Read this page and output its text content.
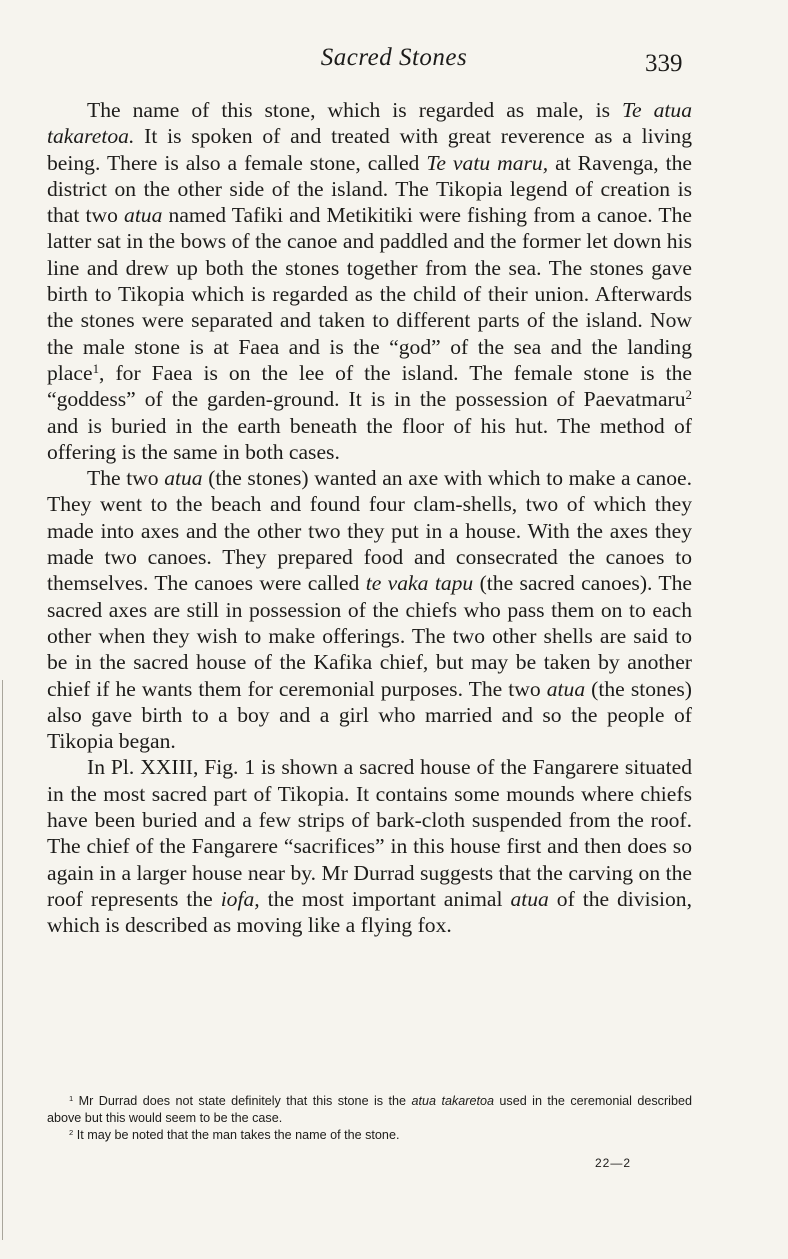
Sacred Stones	339

The name of this stone, which is regarded as male, is Te atua takaretoa. It is spoken of and treated with great reverence as a living being. There is also a female stone, called Te vatu maru, at Ravenga, the district on the other side of the island. The Tikopia legend of creation is that two atua named Tafiki and Metikitiki were fishing from a canoe. The latter sat in the bows of the canoe and paddled and the former let down his line and drew up both the stones together from the sea. The stones gave birth to Tikopia which is regarded as the child of their union. Afterwards the stones were separated and taken to different parts of the island. Now the male stone is at Faea and is the “god” of the sea and the landing place$^1$, for Faea is on the lee of the island. The female stone is the “goddess” of the garden-ground. It is in the possession of Paevatmaru$^2$ and is buried in the earth beneath the floor of his hut. The method of offering is the same in both cases.

The two atua (the stones) wanted an axe with which to make a canoe. They went to the beach and found four clam-shells, two of which they made into axes and the other two they put in a house. With the axes they made two canoes. They prepared food and consecrated the canoes to themselves. The canoes were called te vaka tapu (the sacred canoes). The sacred axes are still in possession of the chiefs who pass them on to each other when they wish to make offerings. The two other shells are said to be in the sacred house of the Kafika chief, but may be taken by another chief if he wants them for ceremonial purposes. The two atua (the stones) also gave birth to a boy and a girl who married and so the people of Tikopia began.

In Pl. XXIII, Fig. 1 is shown a sacred house of the Fangarere situated in the most sacred part of Tikopia. It contains some mounds where chiefs have been buried and a few strips of bark-cloth suspended from the roof. The chief of the Fangarere “sacrifices” in this house first and then does so again in a larger house near by. Mr Durrad suggests that the carving on the roof represents the iofa, the most important animal atua of the division, which is described as moving like a flying fox.

$^1$ Mr Durrad does not state definitely that this stone is the atua takaretoa used in the ceremonial described above but this would seem to be the case.

$^2$ It may be noted that the man takes the name of the stone.

22—2
